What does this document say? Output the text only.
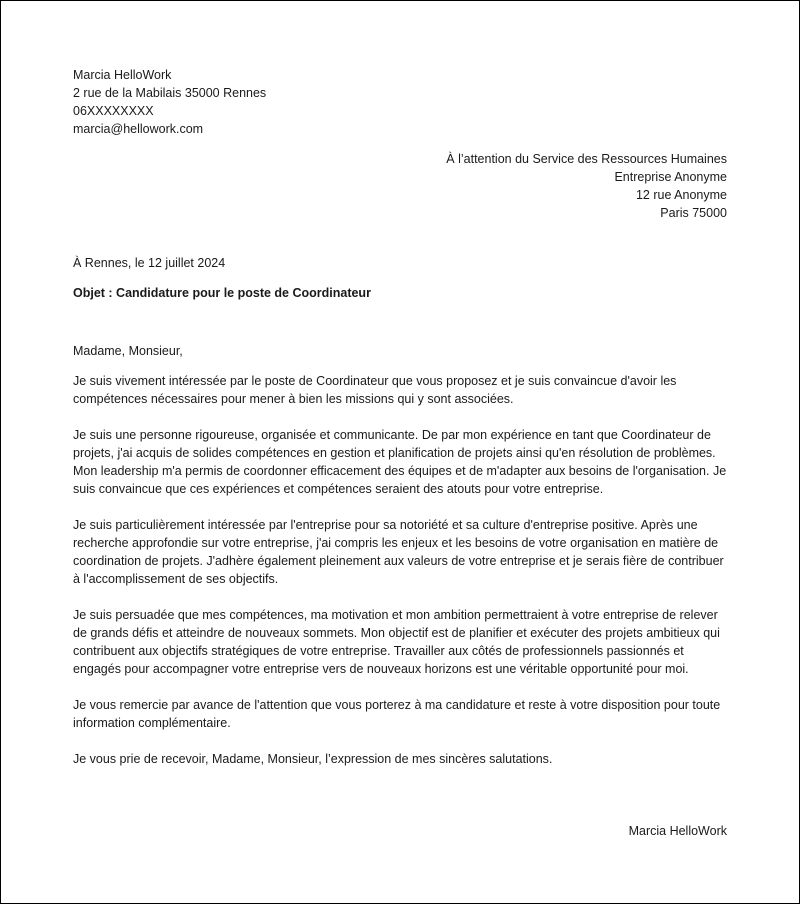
Marcia HelloWork
2 rue de la Mabilais 35000 Rennes
06XXXXXXXX
marcia@hellowork.com
À l’attention du Service des Ressources Humaines
Entreprise Anonyme
12 rue Anonyme
Paris 75000
À Rennes, le 12 juillet 2024
Objet : Candidature pour le poste de Coordinateur

Madame, Monsieur,

Je suis vivement intéressée par le poste de Coordinateur que vous proposez et je suis convaincue d'avoir les compétences nécessaires pour mener à bien les missions qui y sont associées.

Je suis une personne rigoureuse, organisée et communicante. De par mon expérience en tant que Coordinateur de projets, j'ai acquis de solides compétences en gestion et planification de projets ainsi qu'en résolution de problèmes. Mon leadership m'a permis de coordonner efficacement des équipes et de m'adapter aux besoins de l'organisation. Je suis convaincue que ces expériences et compétences seraient des atouts pour votre entreprise.

Je suis particulièrement intéressée par l'entreprise pour sa notoriété et sa culture d'entreprise positive. Après une recherche approfondie sur votre entreprise, j'ai compris les enjeux et les besoins de votre organisation en matière de coordination de projets. J'adhère également pleinement aux valeurs de votre entreprise et je serais fière de contribuer à l'accomplissement de ses objectifs.

Je suis persuadée que mes compétences, ma motivation et mon ambition permettraient à votre entreprise de relever de grands défis et atteindre de nouveaux sommets. Mon objectif est de planifier et exécuter des projets ambitieux qui contribuent aux objectifs stratégiques de votre entreprise. Travailler aux côtés de professionnels passionnés et engagés pour accompagner votre entreprise vers de nouveaux horizons est une véritable opportunité pour moi.

Je vous remercie par avance de l'attention que vous porterez à ma candidature et reste à votre disposition pour toute information complémentaire.

Je vous prie de recevoir, Madame, Monsieur, l’expression de mes sincères salutations.

Marcia HelloWork
